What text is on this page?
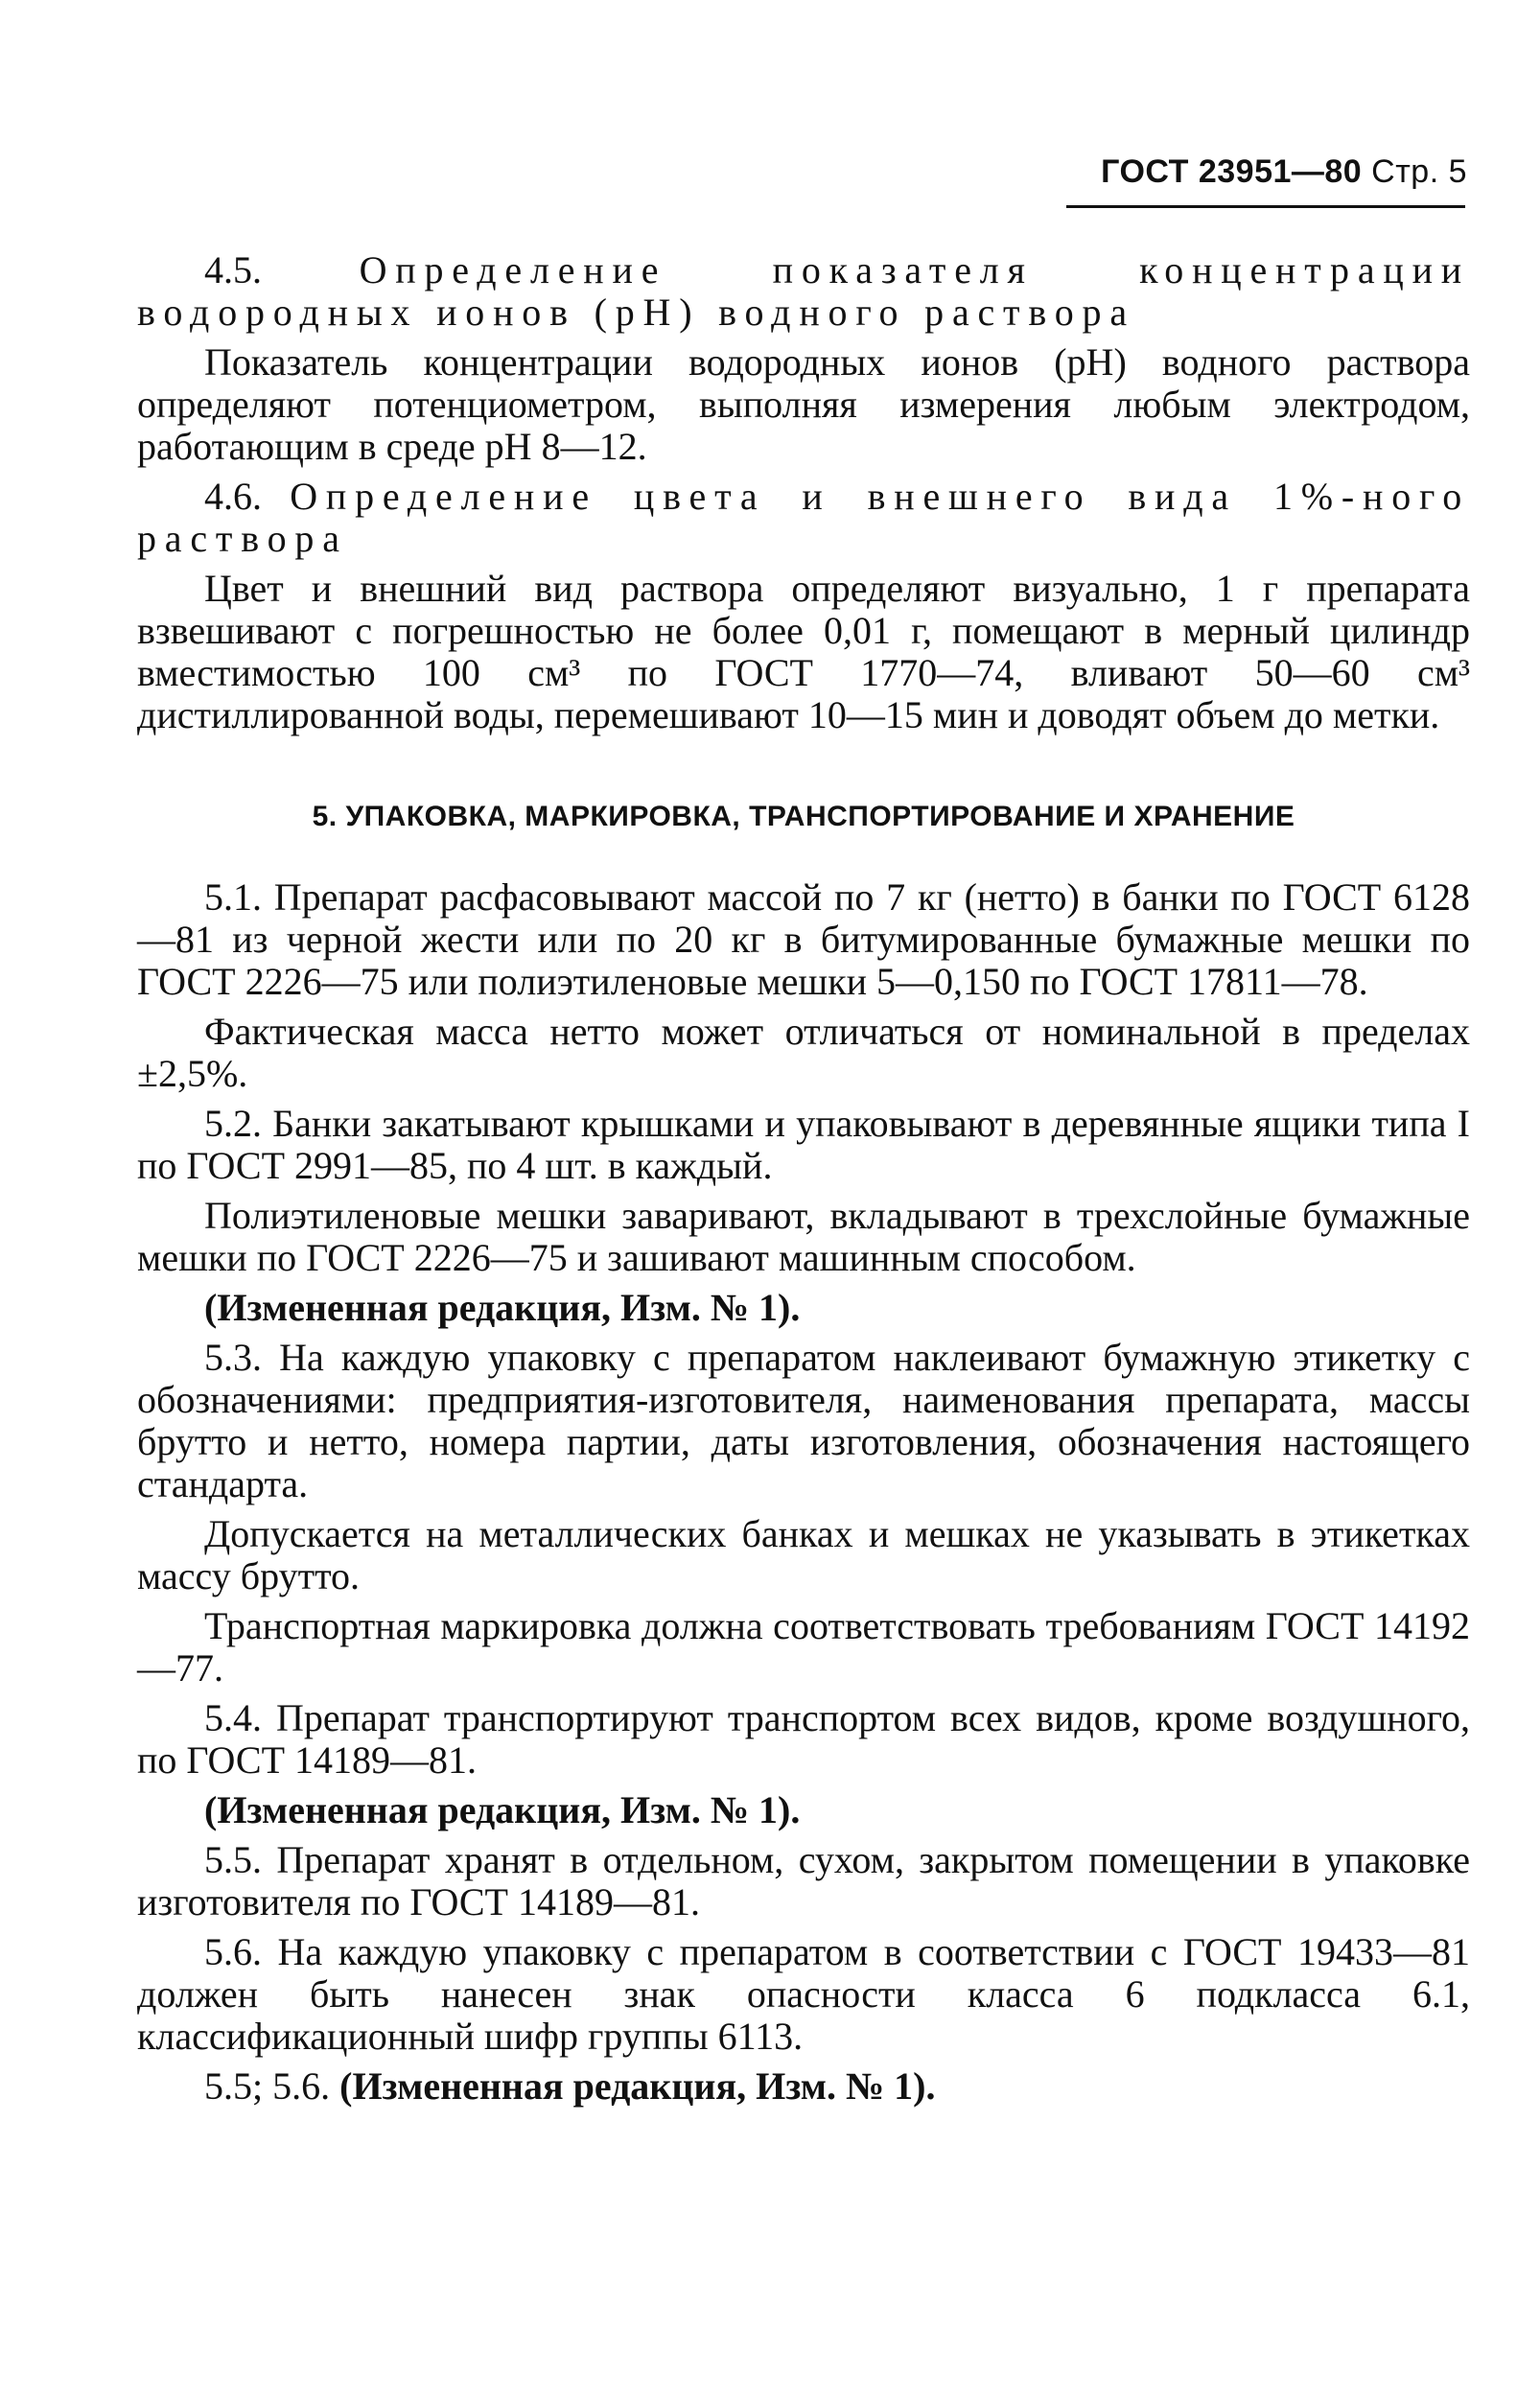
ГОСТ 23951—80 Стр. 5

4.5.	Определение показателя концентрации водородных ионов (рН) водного раствора

Показатель концентрации водородных ионов (рН) водного раствора определяют потенциометром, выполняя измерения любым электродом, работающим в среде рН 8—12.

4.6. Определение цвета и внешнего вида 1%-ного раствора

Цвет и внешний вид раствора определяют визуально, 1 г препарата взвешивают с погрешностью не более 0,01 г, помещают в мерный цилиндр вместимостью 100 см³ по ГОСТ 1770—74, вливают 50—60 см³ дистиллированной воды, перемешивают 10—15 мин и доводят объем до метки.

5. УПАКОВКА, МАРКИРОВКА, ТРАНСПОРТИРОВАНИЕ И ХРАНЕНИЕ

5.1. Препарат расфасовывают массой по 7 кг (нетто) в банки по ГОСТ 6128—81 из черной жести или по 20 кг в битумированные бумажные мешки по ГОСТ 2226—75 или полиэтиленовые мешки 5—0,150 по ГОСТ 17811—78.

Фактическая масса нетто может отличаться от номинальной в пределах ±2,5%.

5.2. Банки закатывают крышками и упаковывают в деревянные ящики типа I по ГОСТ 2991—85, по 4 шт. в каждый.

Полиэтиленовые мешки заваривают, вкладывают в трехслойные бумажные мешки по ГОСТ 2226—75 и зашивают машинным способом.

(Измененная редакция, Изм. № 1).

5.3. На каждую упаковку с препаратом наклеивают бумажную этикетку с обозначениями: предприятия-изготовителя, наименования препарата, массы брутто и нетто, номера партии, даты изготовления, обозначения настоящего стандарта.

Допускается на металлических банках и мешках не указывать в этикетках массу брутто.

Транспортная маркировка должна соответствовать требованиям ГОСТ 14192—77.

5.4. Препарат транспортируют транспортом всех видов, кроме воздушного, по ГОСТ 14189—81.

(Измененная редакция, Изм. № 1).

5.5. Препарат хранят в отдельном, сухом, закрытом помещении в упаковке изготовителя по ГОСТ 14189—81.

5.6. На каждую упаковку с препаратом в соответствии с ГОСТ 19433—81 должен быть нанесен знак опасности класса 6 подкласса 6.1, классификационный шифр группы 6113.

5.5; 5.6. (Измененная редакция, Изм. № 1).
